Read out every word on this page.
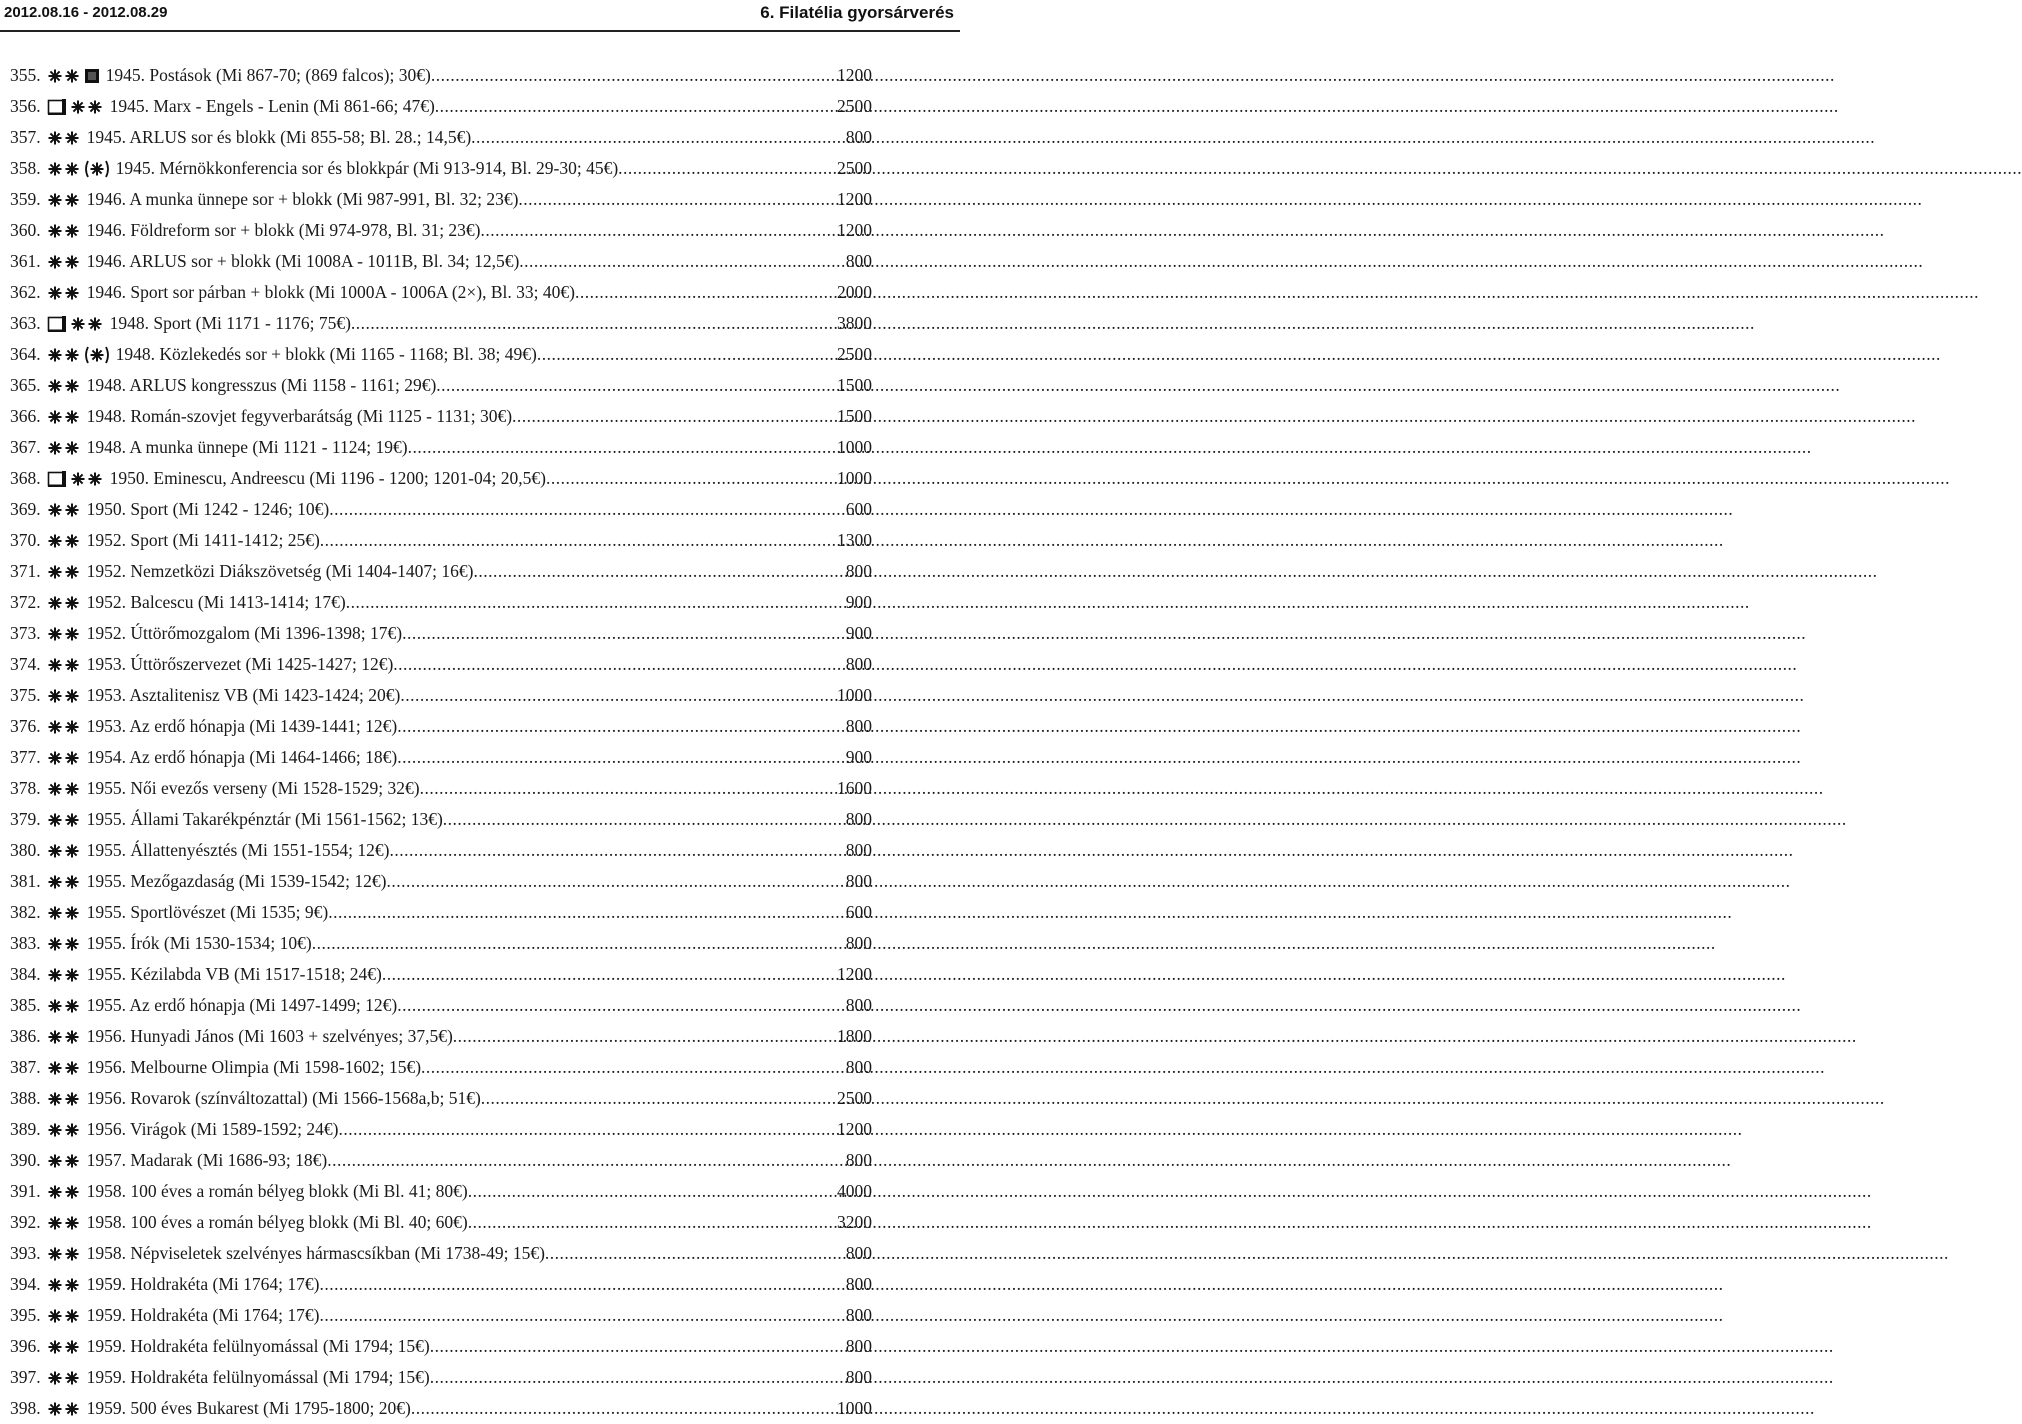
2012.08.16 - 2012.08.29	6. Filatélia gyorsárverés
355.	1945. Postások (Mi 867-70; (869 falcos); 30€) .....	1200
356.	1945. Marx - Engels - Lenin (Mi 861-66; 47€) .....	2500
357.	1945. ARLUS sor és blokk (Mi 855-58; Bl. 28.; 14,5€) .....	800
358.	1945. Mérnökkonferencia sor és blokkpár (Mi 913-914, Bl. 29-30; 45€) .....	2500
359.	1946. A munka ünnepe sor + blokk (Mi 987-991, Bl. 32; 23€) .....	1200
360.	1946. Földreform sor + blokk (Mi 974-978, Bl. 31; 23€) .....	1200
361.	1946. ARLUS sor + blokk (Mi 1008A - 1011B, Bl. 34; 12,5€) .....	800
362.	1946. Sport sor párban + blokk (Mi 1000A - 1006A (2×), Bl. 33; 40€) .....	2000
363.	1948. Sport (Mi 1171 - 1176; 75€) .....	3800
364.	1948. Közlekedés sor + blokk (Mi 1165 - 1168; Bl. 38; 49€) .....	2500
365.	1948. ARLUS kongresszus (Mi 1158 - 1161; 29€) .....	1500
366.	1948. Román-szovjet fegyverbarátság (Mi 1125 - 1131; 30€) .....	1500
367.	1948. A munka ünnepe (Mi 1121 - 1124; 19€) .....	1000
368.	1950. Eminescu, Andreescu (Mi 1196 - 1200; 1201-04; 20,5€) .....	1000
369.	1950. Sport (Mi 1242 - 1246; 10€) .....	600
370.	1952. Sport (Mi 1411-1412; 25€) .....	1300
371.	1952. Nemzetközi Diákszövetség (Mi 1404-1407; 16€) .....	800
372.	1952. Balcescu (Mi 1413-1414; 17€) .....	900
373.	1952. Úttörőmozgalom (Mi 1396-1398; 17€) .....	900
374.	1953. Úttörőszervezet (Mi 1425-1427; 12€) .....	800
375.	1953. Asztalitenisz VB (Mi 1423-1424; 20€) .....	1000
376.	1953. Az erdő hónapja (Mi 1439-1441; 12€) .....	800
377.	1954. Az erdő hónapja (Mi 1464-1466; 18€) .....	900
378.	1955. Női evezős verseny (Mi 1528-1529; 32€) .....	1600
379.	1955. Állami Takarékpénztár (Mi 1561-1562; 13€) .....	800
380.	1955. Állattenyésztés (Mi 1551-1554; 12€) .....	800
381.	1955. Mezőgazdaság (Mi 1539-1542; 12€) .....	800
382.	1955. Sportlövészet (Mi 1535; 9€) .....	600
383.	1955. Írók (Mi 1530-1534; 10€) .....	800
384.	1955. Kézilabda VB (Mi 1517-1518; 24€) .....	1200
385.	1955. Az erdő hónapja (Mi 1497-1499; 12€) .....	800
386.	1956. Hunyadi János (Mi 1603 + szelvényes; 37,5€) .....	1800
387.	1956. Melbourne Olimpia (Mi 1598-1602; 15€) .....	800
388.	1956. Rovarok (színváltozattal) (Mi 1566-1568a,b; 51€) .....	2500
389.	1956. Virágok (Mi 1589-1592; 24€) .....	1200
390.	1957. Madarak (Mi 1686-93; 18€) .....	800
391.	1958. 100 éves a román bélyeg blokk (Mi Bl. 41; 80€) .....	4000
392.	1958. 100 éves a román bélyeg blokk (Mi Bl. 40; 60€) .....	3200
393.	1958. Népviseletek szelvényes hármascsíkban (Mi 1738-49; 15€) .....	800
394.	1959. Holdrakéta (Mi 1764; 17€) .....	800
395.	1959. Holdrakéta (Mi 1764; 17€) .....	800
396.	1959. Holdrakéta felülnyomással (Mi 1794; 15€) .....	800
397.	1959. Holdrakéta felülnyomással (Mi 1794; 15€) .....	800
398.	1959. 500 éves Bukarest (Mi 1795-1800; 20€) .....	1000
